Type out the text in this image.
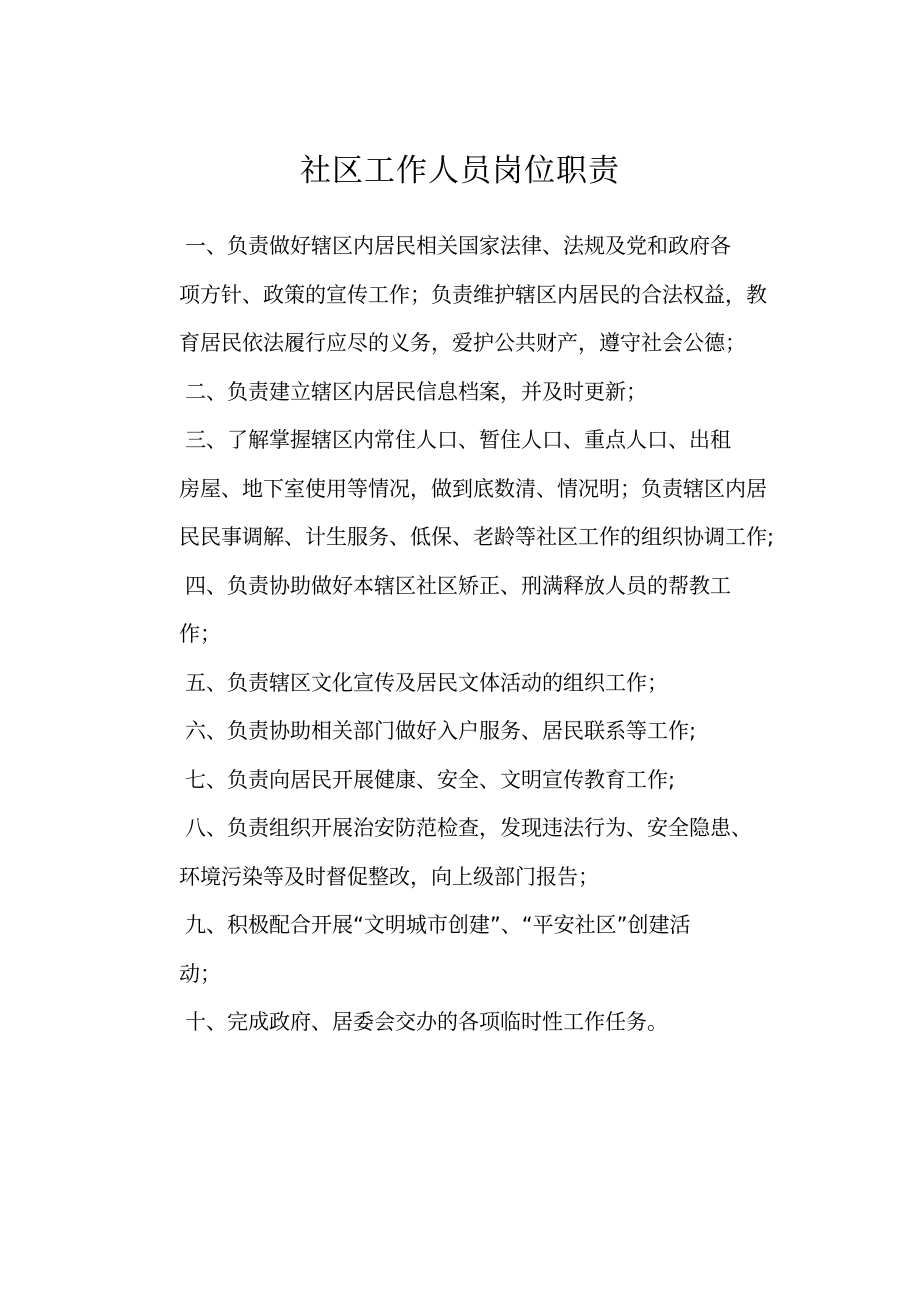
社区工作人员岗位职责

一、负责做好辖区内居民相关国家法律、法规及党和政府各
项方针、政策的宣传工作；负责维护辖区内居民的合法权益，教
育居民依法履行应尽的义务，爱护公共财产，遵守社会公德；

二、负责建立辖区内居民信息档案，并及时更新；

三、了解掌握辖区内常住人口、暂住人口、重点人口、出租
房屋、地下室使用等情况，做到底数清、情况明；负责辖区内居
民民事调解、计生服务、低保、老龄等社区工作的组织协调工作;

四、负责协助做好本辖区社区矫正、刑满释放人员的帮教工
作；

五、负责辖区文化宣传及居民文体活动的组织工作；

六、负责协助相关部门做好入户服务、居民联系等工作;

七、负责向居民开展健康、安全、文明宣传教育工作;

八、负责组织开展治安防范检查，发现违法行为、安全隐患、
环境污染等及时督促整改，向上级部门报告；

九、积极配合开展“文明城市创建”、“平安社区”创建活
动；

十、完成政府、居委会交办的各项临时性工作任务。
